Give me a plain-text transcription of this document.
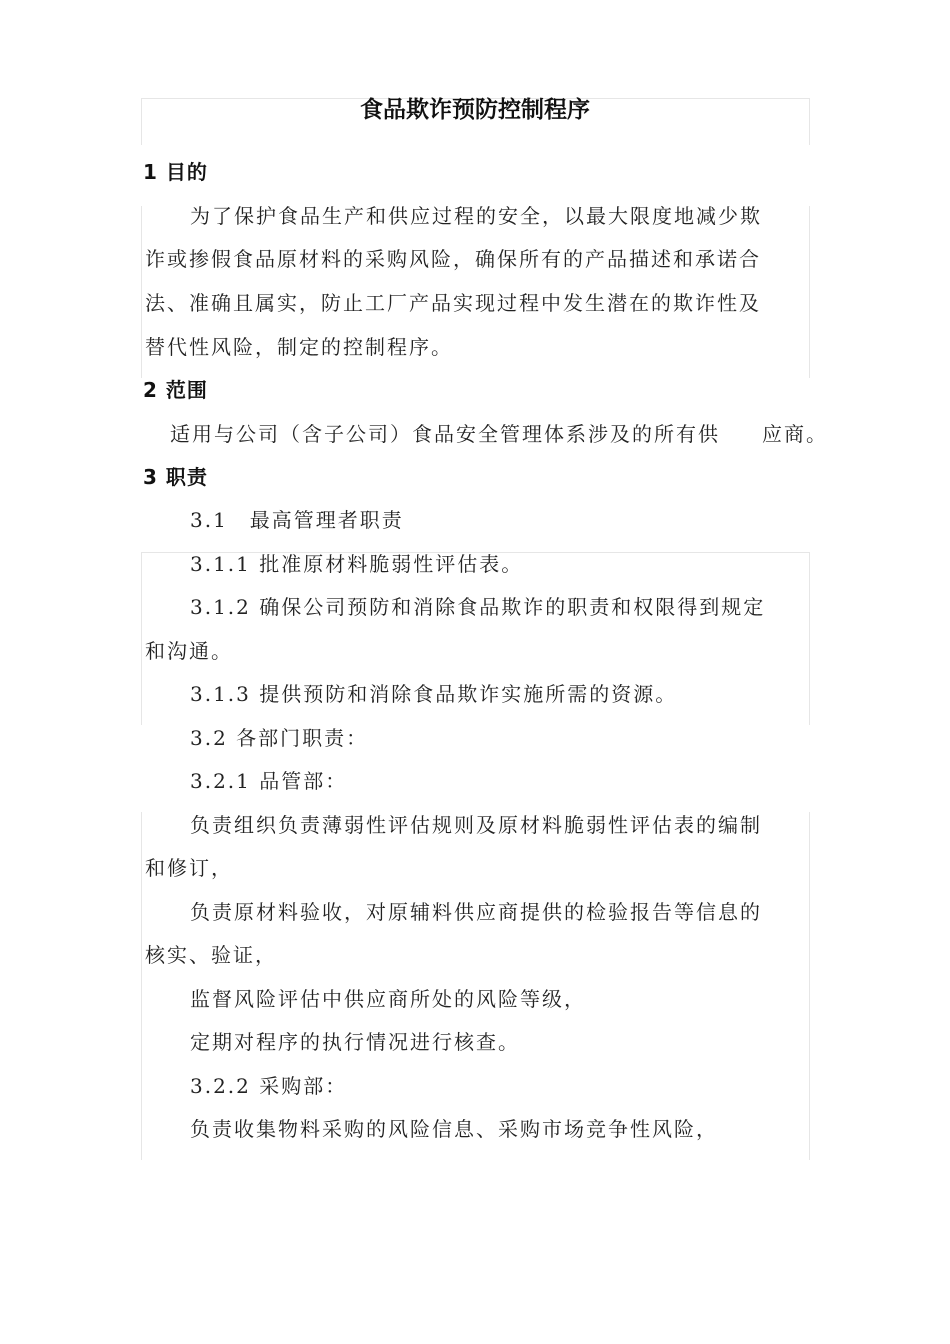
食品欺诈预防控制程序
1 目的
为了保护食品生产和供应过程的安全，以最大限度地减少欺
诈或掺假食品原材料的采购风险，确保所有的产品描述和承诺合
法、准确且属实，防止工厂产品实现过程中发生潜在的欺诈性及
替代性风险，制定的控制程序。
2 范围
适用与公司（含子公司）食品安全管理体系涉及的所有供 应商。
3 职责
3.1　最高管理者职责
3.1.1 批准原材料脆弱性评估表。
3.1.2 确保公司预防和消除食品欺诈的职责和权限得到规定
和沟通。
3.1.3 提供预防和消除食品欺诈实施所需的资源。
3.2 各部门职责：
3.2.1 品管部：
负责组织负责薄弱性评估规则及原材料脆弱性评估表的编制
和修订，
负责原材料验收，对原辅料供应商提供的检验报告等信息的
核实、验证，
监督风险评估中供应商所处的风险等级，
定期对程序的执行情况进行核查。
3.2.2 采购部：
负责收集物料采购的风险信息、采购市场竞争性风险，
